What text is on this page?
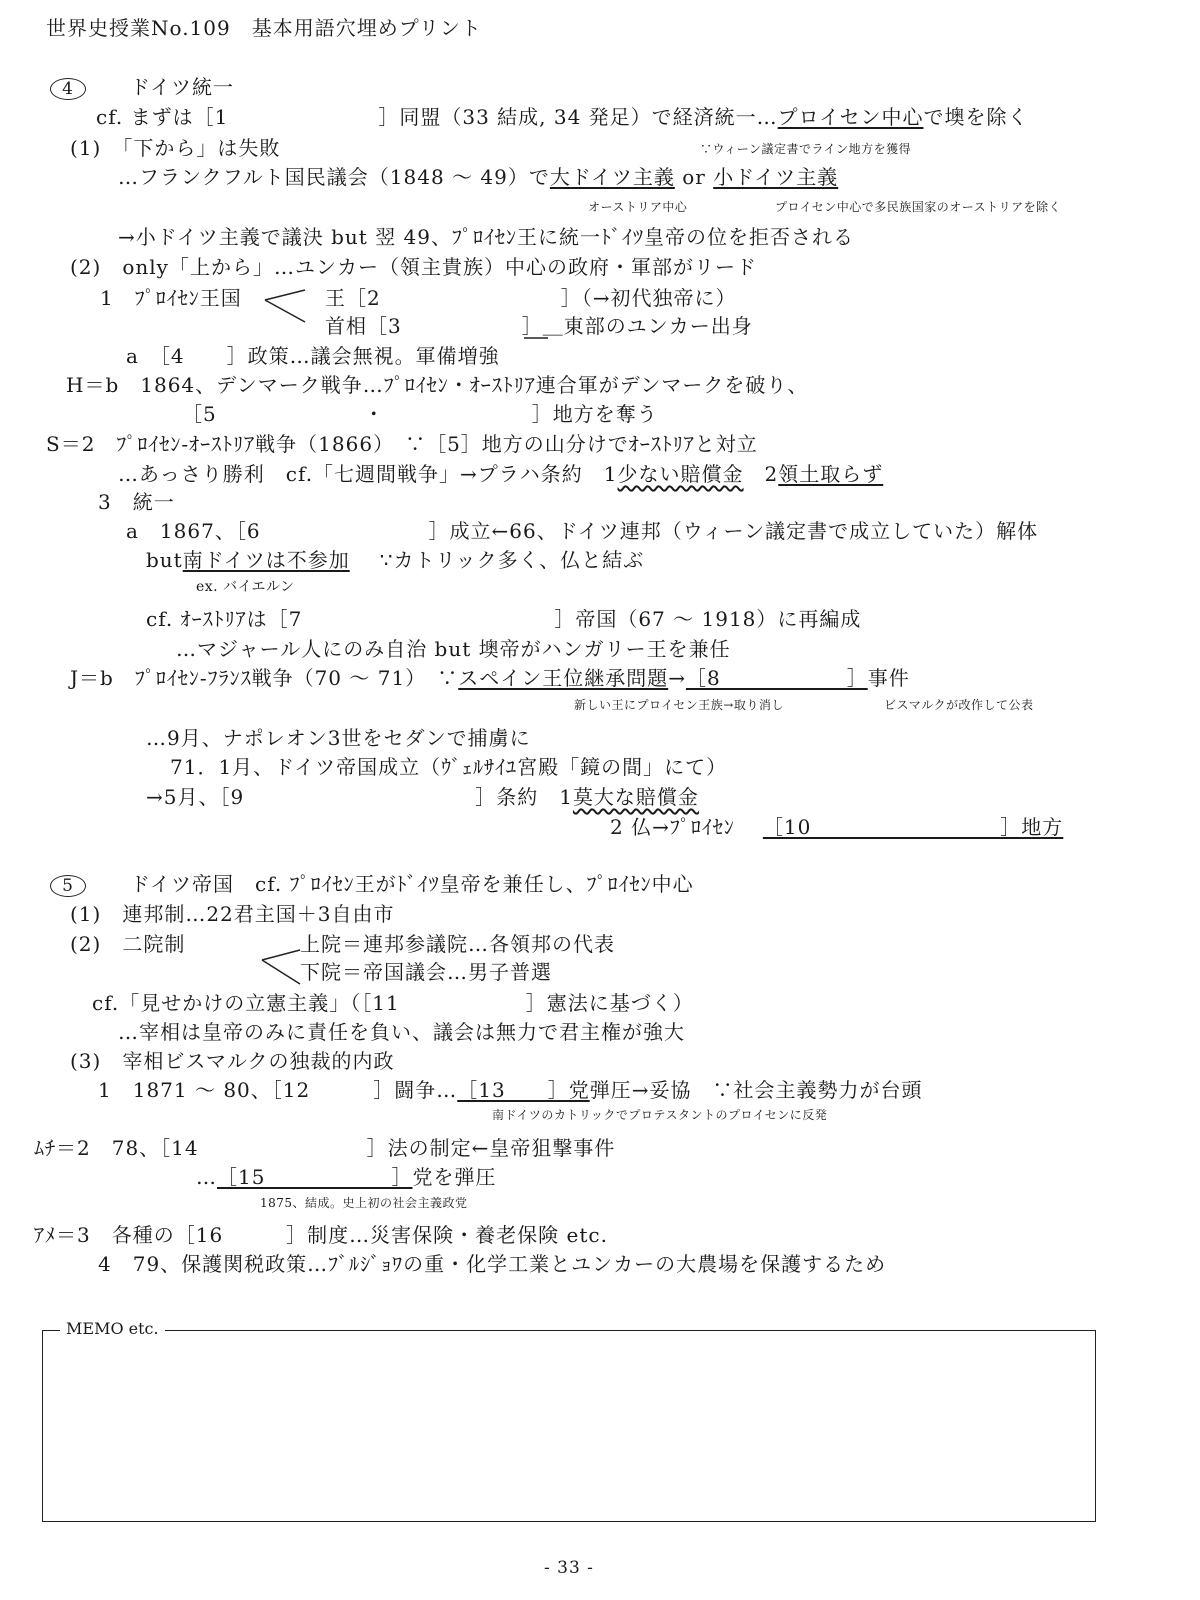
世界史授業No.109　基本用語穴埋めプリント
4	ドイツ統一
cf. まずは［1	］同盟（33 結成, 34 発足）で経済統一…プロイセン中心で墺を除く
(1)　「下から」は失敗	∵ウィーン議定書でライン地方を獲得
…フランクフルト国民議会（1848 ～ 49）で大ドイツ主義 or 小ドイツ主義
オーストリア中心	プロイセン中心で多民族国家のオーストリアを除く
→小ドイツ主義で議決 but 翌 49、ﾌﾟﾛｲｾﾝ王に統一ﾄﾞｲﾂ皇帝の位を拒否される
(2)　only「上から」…ユンカー（領主貴族）中心の政府・軍部がリード
1　ﾌﾟﾛｲｾﾝ王国	王［2	］（→初代独帝に）
首相［3	］＿東部のユンカー出身
a　［4　　］政策…議会無視。軍備増強
H＝b　1864、デンマーク戦争…ﾌﾟﾛｲｾﾝ・ｵｰｽﾄﾘｱ連合軍がデンマークを破り、
［5　　　　　　　・　　　　　　　］地方を奪う
S＝2　ﾌﾟﾛｲｾﾝ-ｵｰｽﾄﾘｱ戦争（1866）　∵［5］地方の山分けでｵｰｽﾄﾘｱと対立
…あっさり勝利　cf.「七週間戦争」→プラハ条約　1少ない賠償金　2領土取らず
3　統一
a　1867、［6　　　　　　　　］成立←66、ドイツ連邦（ウィーン議定書で成立していた）解体
but南ドイツは不参加 ∵カトリック多く、仏と結ぶ
ex. バイエルン
cf. ｵｰｽﾄﾘｱは［7　　　　　　　　　　　　］帝国（67 ～ 1918）に再編成
…マジャール人にのみ自治 but 墺帝がハンガリー王を兼任
J＝b　ﾌﾟﾛｲｾﾝ-ﾌﾗﾝｽ戦争（70 ～ 71）　∵スペイン王位継承問題→［8　　　　　　］事件
新しい王にプロイセン王族→取り消し	ビスマルクが改作して公表
…9月、ナポレオン3世をセダンで捕虜に
71．1月、ドイツ帝国成立（ｳﾞｪﾙｻｲﾕ宮殿「鏡の間」にて）
→5月、［9　　　　　　　　　　　］条約　1莫大な賠償金
2 仏→ﾌﾟﾛｲｾﾝ ［10　　　　　　　　　］地方
5	ドイツ帝国　cf. ﾌﾟﾛｲｾﾝ王がﾄﾞｲﾂ皇帝を兼任し、ﾌﾟﾛｲｾﾝ中心
(1)　連邦制…22君主国＋3自由市
(2)　二院制	上院＝連邦参議院…各領邦の代表
下院＝帝国議会…男子普選
cf.「見せかけの立憲主義」（［11　　　　　　］憲法に基づく）
…宰相は皇帝のみに責任を負い、議会は無力で君主権が強大
(3)　宰相ビスマルクの独裁的内政
1　1871 ～ 80、［12　　　］闘争…［13　　］党弾圧→妥協　∵社会主義勢力が台頭
南ドイツのカトリックでプロテスタントのプロイセンに反発
ﾑﾁ＝2　78、［14　　　　　　　　］法の制定←皇帝狙撃事件
…［15　　　　　　］党を弾圧
1875、結成。史上初の社会主義政党
ｱﾒ＝3　各種の［16　　　］制度…災害保険・養老保険 etc.
4　79、保護関税政策…ﾌﾞﾙｼﾞｮﾜの重・化学工業とユンカーの大農場を保護するため
MEMO etc.
- 33 -
